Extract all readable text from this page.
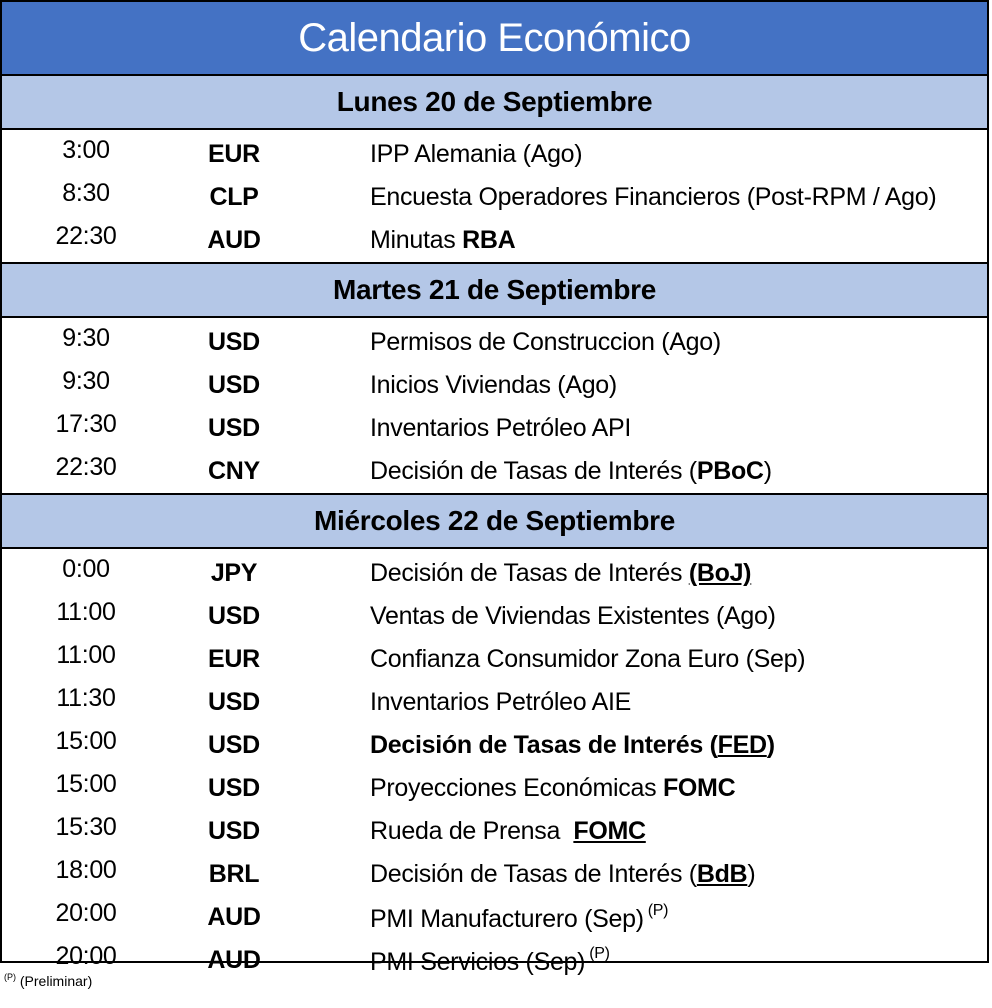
Calendario Económico
Lunes 20 de Septiembre
3:00	EUR	IPP Alemania (Ago)
8:30	CLP	Encuesta Operadores Financieros (Post-RPM / Ago)
22:30	AUD	Minutas RBA
Martes 21 de Septiembre
9:30	USD	Permisos de Construccion (Ago)
9:30	USD	Inicios Viviendas (Ago)
17:30	USD	Inventarios Petróleo API
22:30	CNY	Decisión de Tasas de Interés (PBoC)
Miércoles 22 de Septiembre
0:00	JPY	Decisión de Tasas de Interés (BoJ)
11:00	USD	Ventas de Viviendas Existentes (Ago)
11:00	EUR	Confianza Consumidor Zona Euro (Sep)
11:30	USD	Inventarios Petróleo AIE
15:00	USD	Decisión de Tasas de Interés (FED)
15:00	USD	Proyecciones Económicas FOMC
15:30	USD	Rueda de Prensa  FOMC
18:00	BRL	Decisión de Tasas de Interés (BdB)
20:00	AUD	PMI Manufacturero (Sep) $^{(P)}$
20:00	AUD	PMI Servicios (Sep) $^{(P)}$
$^{(P)}$ (Preliminar)
